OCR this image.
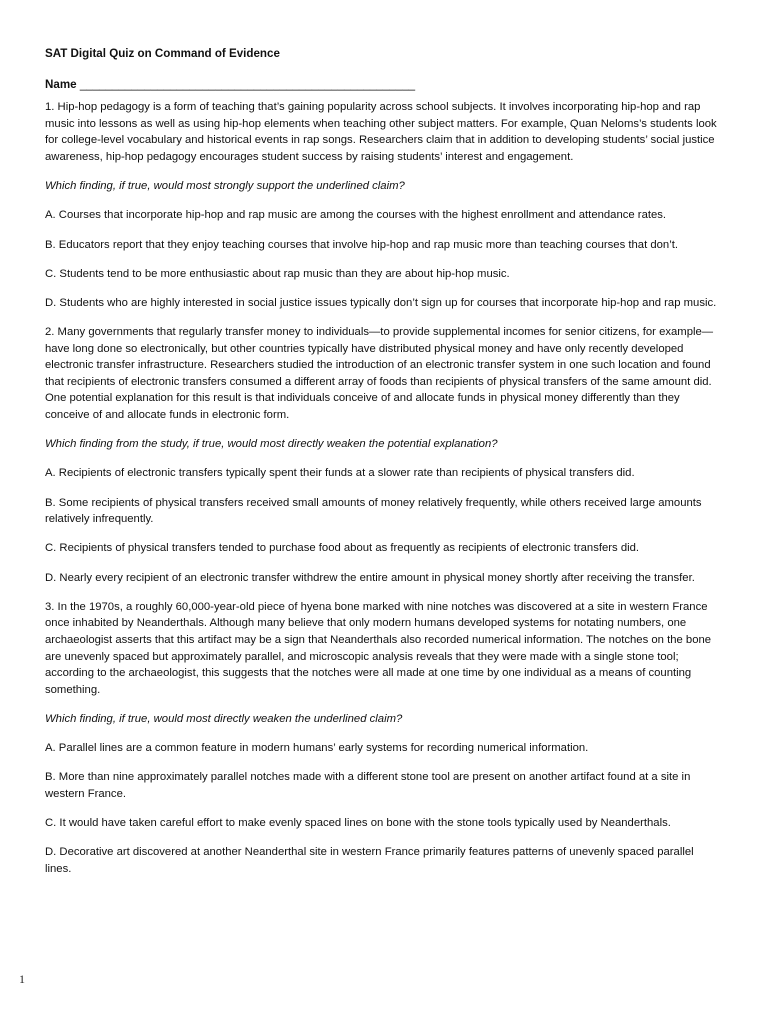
SAT Digital Quiz on Command of Evidence
Name ____________________________________________________

1. Hip-hop pedagogy is a form of teaching that’s gaining popularity across school subjects. It involves incorporating hip-hop and rap music into lessons as well as using hip-hop elements when teaching other subject matters. For example, Quan Neloms’s students look for college-level vocabulary and historical events in rap songs. Researchers claim that in addition to developing students’ social justice awareness, hip-hop pedagogy encourages student success by raising students’ interest and engagement.

Which finding, if true, would most strongly support the underlined claim?

A. Courses that incorporate hip-hop and rap music are among the courses with the highest enrollment and attendance rates.

B. Educators report that they enjoy teaching courses that involve hip-hop and rap music more than teaching courses that don’t.

C. Students tend to be more enthusiastic about rap music than they are about hip-hop music.

D. Students who are highly interested in social justice issues typically don’t sign up for courses that incorporate hip-hop and rap music.

2. Many governments that regularly transfer money to individuals—to provide supplemental incomes for senior citizens, for example—have long done so electronically, but other countries typically have distributed physical money and have only recently developed electronic transfer infrastructure. Researchers studied the introduction of an electronic transfer system in one such location and found that recipients of electronic transfers consumed a different array of foods than recipients of physical transfers of the same amount did. One potential explanation for this result is that individuals conceive of and allocate funds in physical money differently than they conceive of and allocate funds in electronic form.

Which finding from the study, if true, would most directly weaken the potential explanation?

A. Recipients of electronic transfers typically spent their funds at a slower rate than recipients of physical transfers did.

B. Some recipients of physical transfers received small amounts of money relatively frequently, while others received large amounts relatively infrequently.

C. Recipients of physical transfers tended to purchase food about as frequently as recipients of electronic transfers did.

D. Nearly every recipient of an electronic transfer withdrew the entire amount in physical money shortly after receiving the transfer.

3. In the 1970s, a roughly 60,000-year-old piece of hyena bone marked with nine notches was discovered at a site in western France once inhabited by Neanderthals. Although many believe that only modern humans developed systems for notating numbers, one archaeologist asserts that this artifact may be a sign that Neanderthals also recorded numerical information. The notches on the bone are unevenly spaced but approximately parallel, and microscopic analysis reveals that they were made with a single stone tool; according to the archaeologist, this suggests that the notches were all made at one time by one individual as a means of counting something.

Which finding, if true, would most directly weaken the underlined claim?

A. Parallel lines are a common feature in modern humans’ early systems for recording numerical information.

B. More than nine approximately parallel notches made with a different stone tool are present on another artifact found at a site in western France.

C. It would have taken careful effort to make evenly spaced lines on bone with the stone tools typically used by Neanderthals.

D. Decorative art discovered at another Neanderthal site in western France primarily features patterns of unevenly spaced parallel lines.

1
